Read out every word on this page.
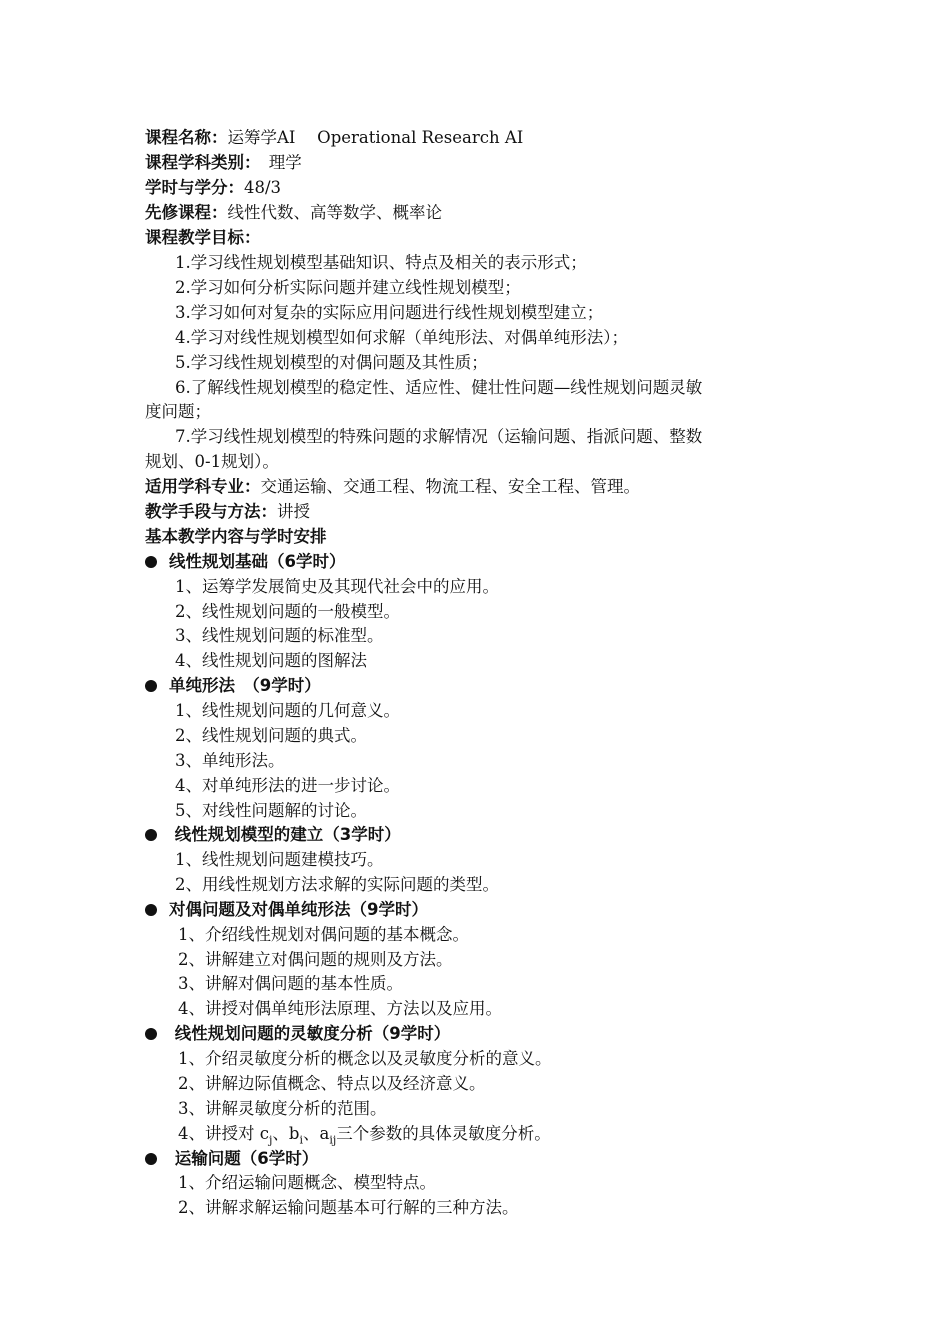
课程名称：运筹学AI　 Operational Research AⅠ
课程学科类别：　理学
学时与学分：48/3
先修课程：线性代数、高等数学、概率论
课程教学目标：
1.学习线性规划模型基础知识、特点及相关的表示形式；
2.学习如何分析实际问题并建立线性规划模型；
3.学习如何对复杂的实际应用问题进行线性规划模型建立；
4.学习对线性规划模型如何求解（单纯形法、对偶单纯形法）；
5.学习线性规划模型的对偶问题及其性质；
6.了解线性规划模型的稳定性、适应性、健壮性问题—线性规划问题灵敏
度问题；
7.学习线性规划模型的特殊问题的求解情况（运输问题、指派问题、整数
规划、0-1规划）。
适用学科专业：交通运输、交通工程、物流工程、安全工程、管理。
教学手段与方法：讲授
基本教学内容与学时安排
线性规划基础（6学时）
1、运筹学发展简史及其现代社会中的应用。
2、线性规划问题的一般模型。
3、线性规划问题的标准型。
4、线性规划问题的图解法
单纯形法　（9学时）
1、线性规划问题的几何意义。
2、线性规划问题的典式。
3、单纯形法。
4、对单纯形法的进一步讨论。
5、对线性问题解的讨论。
线性规划模型的建立（3学时）
1、线性规划问题建模技巧。
2、用线性规划方法求解的实际问题的类型。
对偶问题及对偶单纯形法（9学时）
1、介绍线性规划对偶问题的基本概念。
2、讲解建立对偶问题的规则及方法。
3、讲解对偶问题的基本性质。
4、讲授对偶单纯形法原理、方法以及应用。
线性规划问题的灵敏度分析（9学时）
1、介绍灵敏度分析的概念以及灵敏度分析的意义。
2、讲解边际值概念、特点以及经济意义。
3、讲解灵敏度分析的范围。
4、讲授对 $c_j$、$b_i$、$a_{ij}$三个参数的具体灵敏度分析。
运输问题（6学时）
1、介绍运输问题概念、模型特点。
2、讲解求解运输问题基本可行解的三种方法。
